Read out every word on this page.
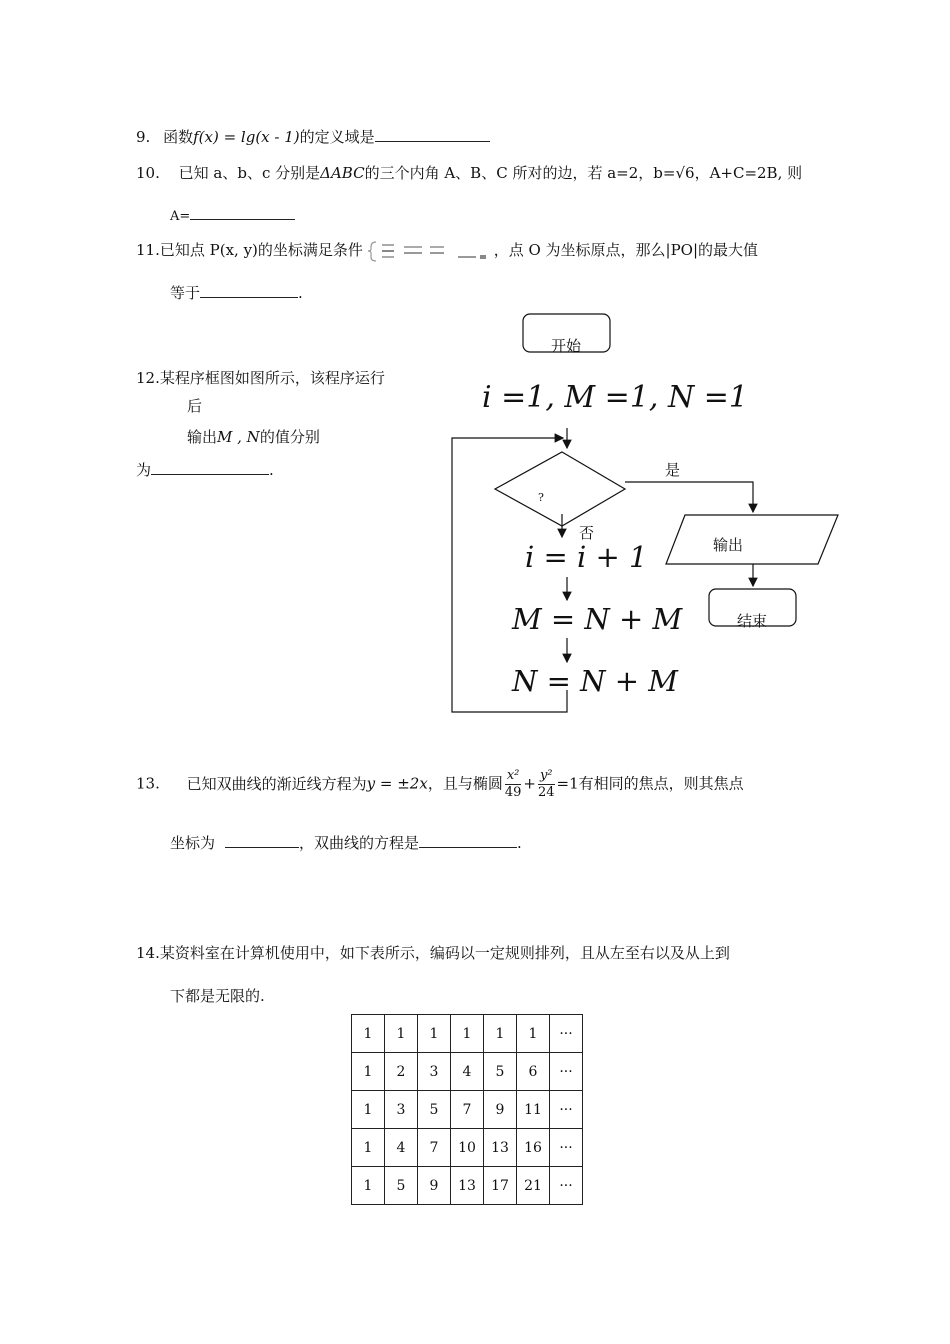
9. 函数f(x) = lg(x - 1)的定义域是
10. 已知 a、b、c 分别是ΔABC的三个内角 A、B、C 所对的边，若 a=2，b=√6，A+C=2B, 则
A=
11.已知点 P(x, y)的坐标满足条件	，点 O 为坐标原点，那么|PO|的最大值
等于	.
12.某程序框图如图所示，该程序运行
后
输出M , N的值分别
为	.
开始
i =1, M =1, N =1
?
是
否
i = i + 1
M = N + M
N = N + M
输出
结束
13. 已知双曲线的渐近线方程为y = ±2x，且与椭圆 $\frac{\text{x²}}{49} + \frac{\text{y²}}{24} =1$有相同的焦点，则其焦点
坐标为	，双曲线的方程是	.
14.某资料室在计算机使用中，如下表所示，编码以一定规则排列，且从左至右以及从上到
下都是无限的.
1	1	1	1	1	1	···
1	2	3	4	5	6	···
1	3	5	7	9	11	···
1	4	7	10	13	16	···
1	5	9	13	17	21	···
